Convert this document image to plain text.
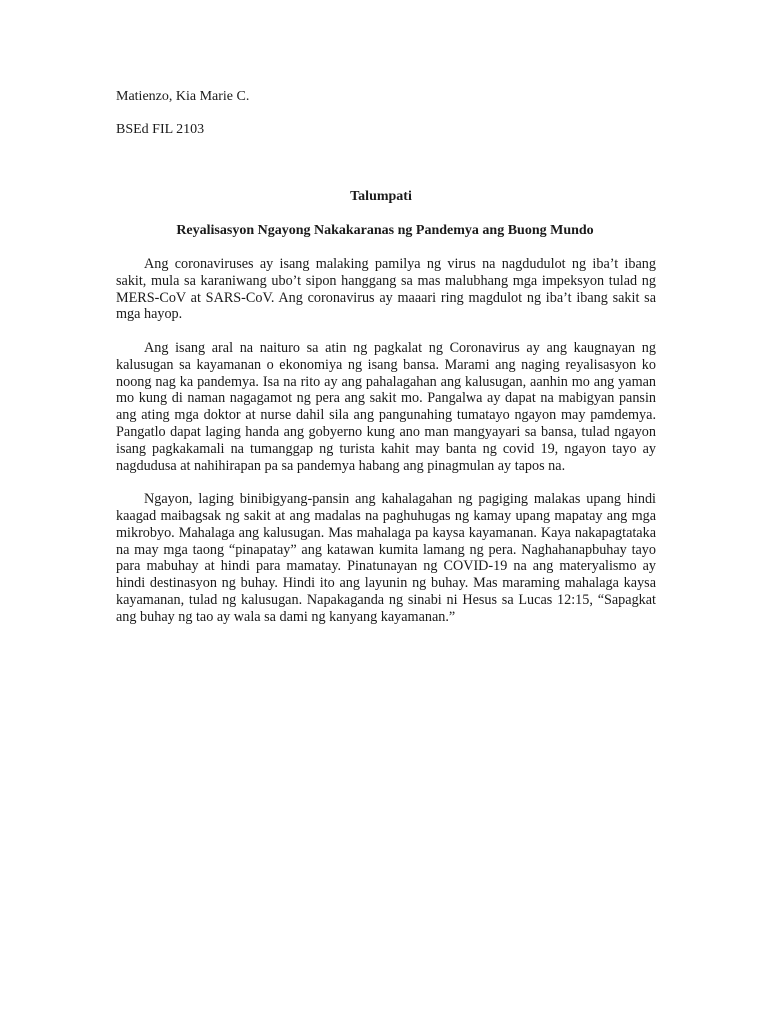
Matienzo, Kia Marie C.
BSEd FIL 2103
Talumpati
Reyalisasyon Ngayong Nakakaranas ng Pandemya ang Buong Mundo

Ang coronaviruses ay isang malaking pamilya ng virus na nagdudulot ng iba’t ibang sakit, mula sa karaniwang ubo’t sipon hanggang sa mas malubhang mga impeksyon tulad ng MERS-CoV at SARS-CoV. Ang coronavirus ay maaari ring magdulot ng iba’t ibang sakit sa mga hayop.

Ang isang aral na naituro sa atin ng pagkalat ng Coronavirus ay ang kaugnayan ng kalusugan sa kayamanan o ekonomiya ng isang bansa. Marami ang naging reyalisasyon ko noong nag ka pandemya. Isa na rito ay ang pahalagahan ang kalusugan, aanhin mo ang yaman mo kung di naman nagagamot ng pera ang sakit mo. Pangalwa ay dapat na mabigyan pansin ang ating mga doktor at nurse dahil sila ang pangunahing tumatayo ngayon may pamdemya. Pangatlo dapat laging handa ang gobyerno kung ano man mangyayari sa bansa, tulad ngayon isang pagkakamali na tumanggap ng turista kahit may banta ng covid 19, ngayon tayo ay nagdudusa at nahihirapan pa sa pandemya habang ang pinagmulan ay tapos na.

Ngayon, laging binibigyang-pansin ang kahalagahan ng pagiging malakas upang hindi kaagad maibagsak ng sakit at ang madalas na paghuhugas ng kamay upang mapatay ang mga mikrobyo. Mahalaga ang kalusugan. Mas mahalaga pa kaysa kayamanan. Kaya nakapagtataka na may mga taong “pinapatay” ang katawan kumita lamang ng pera. Naghahanapbuhay tayo para mabuhay at hindi para mamatay. Pinatunayan ng COVID-19 na ang materyalismo ay hindi destinasyon ng buhay. Hindi ito ang layunin ng buhay. Mas maraming mahalaga kaysa kayamanan, tulad ng kalusugan. Napakaganda ng sinabi ni Hesus sa Lucas 12:15, “Sapagkat ang buhay ng tao ay wala sa dami ng kanyang kayamanan.”
